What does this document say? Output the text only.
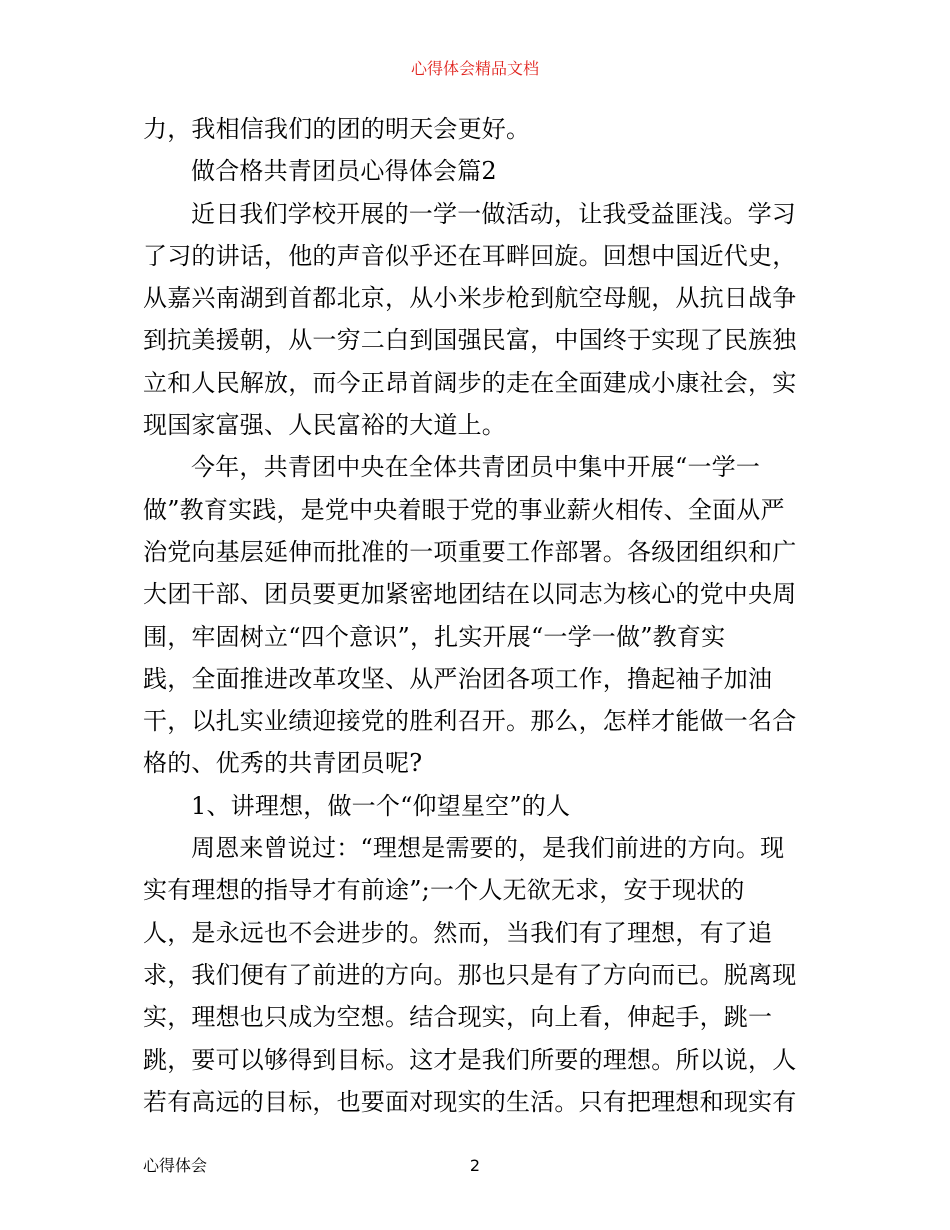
心得体会精品文档
力，我相信我们的团的明天会更好。
做合格共青团员心得体会篇2
近日我们学校开展的一学一做活动，让我受益匪浅。学习
了习的讲话，他的声音似乎还在耳畔回旋。回想中国近代史，
从嘉兴南湖到首都北京，从小米步枪到航空母舰，从抗日战争
到抗美援朝，从一穷二白到国强民富，中国终于实现了民族独
立和人民解放，而今正昂首阔步的走在全面建成小康社会，实
现国家富强、人民富裕的大道上。
今年，共青团中央在全体共青团员中集中开展“一学一
做”教育实践，是党中央着眼于党的事业薪火相传、全面从严
治党向基层延伸而批准的一项重要工作部署。各级团组织和广
大团干部、团员要更加紧密地团结在以同志为核心的党中央周
围，牢固树立“四个意识”，扎实开展“一学一做”教育实
践，全面推进改革攻坚、从严治团各项工作，撸起袖子加油
干，以扎实业绩迎接党的胜利召开。那么，怎样才能做一名合
格的、优秀的共青团员呢?
1、讲理想，做一个“仰望星空”的人
周恩来曾说过：“理想是需要的，是我们前进的方向。现
实有理想的指导才有前途”;一个人无欲无求，安于现状的
人，是永远也不会进步的。然而，当我们有了理想，有了追
求，我们便有了前进的方向。那也只是有了方向而已。脱离现
实，理想也只成为空想。结合现实，向上看，伸起手，跳一
跳，要可以够得到目标。这才是我们所要的理想。所以说，人
若有高远的目标，也要面对现实的生活。只有把理想和现实有
心得体会	2
